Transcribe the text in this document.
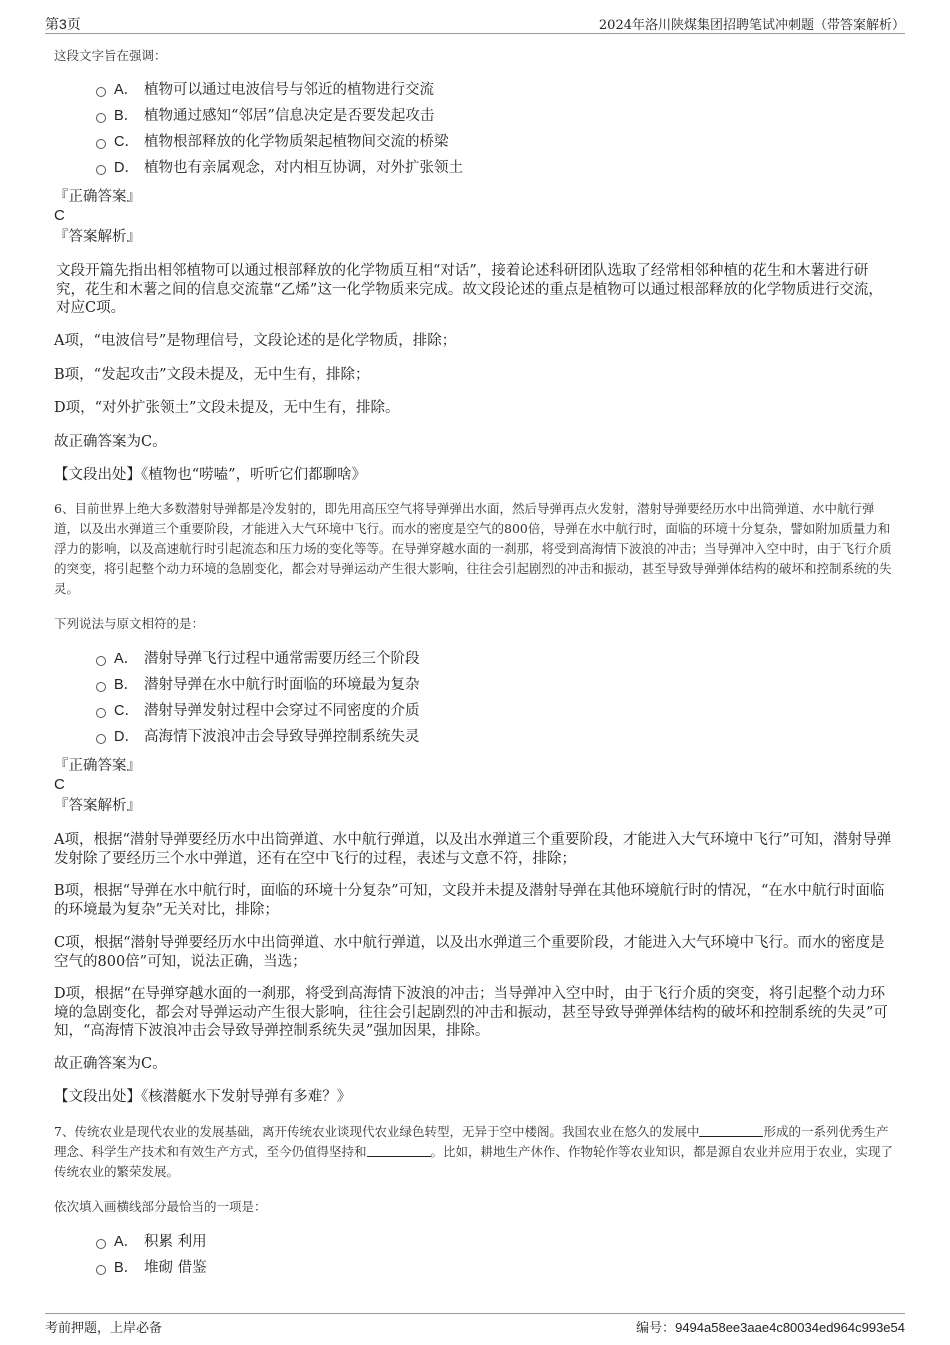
第3页	2024年洛川陕煤集团招聘笔试冲刺题（带答案解析）
这段文字旨在强调：
A． 植物可以通过电波信号与邻近的植物进行交流
B． 植物通过感知“邻居”信息决定是否要发起攻击
C． 植物根部释放的化学物质架起植物间交流的桥梁
D． 植物也有亲属观念，对内相互协调，对外扩张领土
『正确答案』
C
『答案解析』
文段开篇先指出相邻植物可以通过根部释放的化学物质互相“对话”，接着论述科研团队选取了经常相邻种植的花生和木薯进行研究，花生和木薯之间的信息交流靠“乙烯”这一化学物质来完成。故文段论述的重点是植物可以通过根部释放的化学物质进行交流，对应C项。
A项，“电波信号”是物理信号，文段论述的是化学物质，排除；
B项，“发起攻击”文段未提及，无中生有，排除；
D项，“对外扩张领土”文段未提及，无中生有，排除。
故正确答案为C。
【文段出处】《植物也“唠嗑”，听听它们都聊啥》
6、目前世界上绝大多数潜射导弹都是冷发射的，即先用高压空气将导弹弹出水面，然后导弹再点火发射，潜射导弹要经历水中出筒弹道、水中航行弹道，以及出水弹道三个重要阶段，才能进入大气环境中飞行。而水的密度是空气的800倍，导弹在水中航行时，面临的环境十分复杂，譬如附加质量力和浮力的影响，以及高速航行时引起流态和压力场的变化等等。在导弹穿越水面的一刹那，将受到高海情下波浪的冲击；当导弹冲入空中时，由于飞行介质的突变，将引起整个动力环境的急剧变化，都会对导弹运动产生很大影响，往往会引起剧烈的冲击和振动，甚至导致导弹弹体结构的破坏和控制系统的失灵。
下列说法与原文相符的是：
A． 潜射导弹飞行过程中通常需要历经三个阶段
B． 潜射导弹在水中航行时面临的环境最为复杂
C． 潜射导弹发射过程中会穿过不同密度的介质
D． 高海情下波浪冲击会导致导弹控制系统失灵
『正确答案』
C
『答案解析』
A项，根据“潜射导弹要经历水中出筒弹道、水中航行弹道，以及出水弹道三个重要阶段，才能进入大气环境中飞行”可知，潜射导弹发射除了要经历三个水中弹道，还有在空中飞行的过程，表述与文意不符，排除；
B项，根据“导弹在水中航行时，面临的环境十分复杂”可知，文段并未提及潜射导弹在其他环境航行时的情况，“在水中航行时面临的环境最为复杂”无关对比，排除；
C项，根据“潜射导弹要经历水中出筒弹道、水中航行弹道，以及出水弹道三个重要阶段，才能进入大气环境中飞行。而水的密度是空气的800倍”可知，说法正确，当选；
D项，根据“在导弹穿越水面的一刹那，将受到高海情下波浪的冲击；当导弹冲入空中时，由于飞行介质的突变，将引起整个动力环境的急剧变化，都会对导弹运动产生很大影响，往往会引起剧烈的冲击和振动，甚至导致导弹弹体结构的破坏和控制系统的失灵”可知，“高海情下波浪冲击会导致导弹控制系统失灵”强加因果，排除。
故正确答案为C。
【文段出处】《核潜艇水下发射导弹有多难？》
7、传统农业是现代农业的发展基础，离开传统农业谈现代农业绿色转型，无异于空中楼阁。我国农业在悠久的发展中	形成的一系列优秀生产理念、科学生产技术和有效生产方式，至今仍值得坚持和	。比如，耕地生产休作、作物轮作等农业知识，都是源自农业并应用于农业，实现了传统农业的繁荣发展。
依次填入画横线部分最恰当的一项是：
A． 积累 利用
B． 堆砌 借鉴
考前押题，上岸必备	编号：9494a58ee3aae4c80034ed964c993e54
